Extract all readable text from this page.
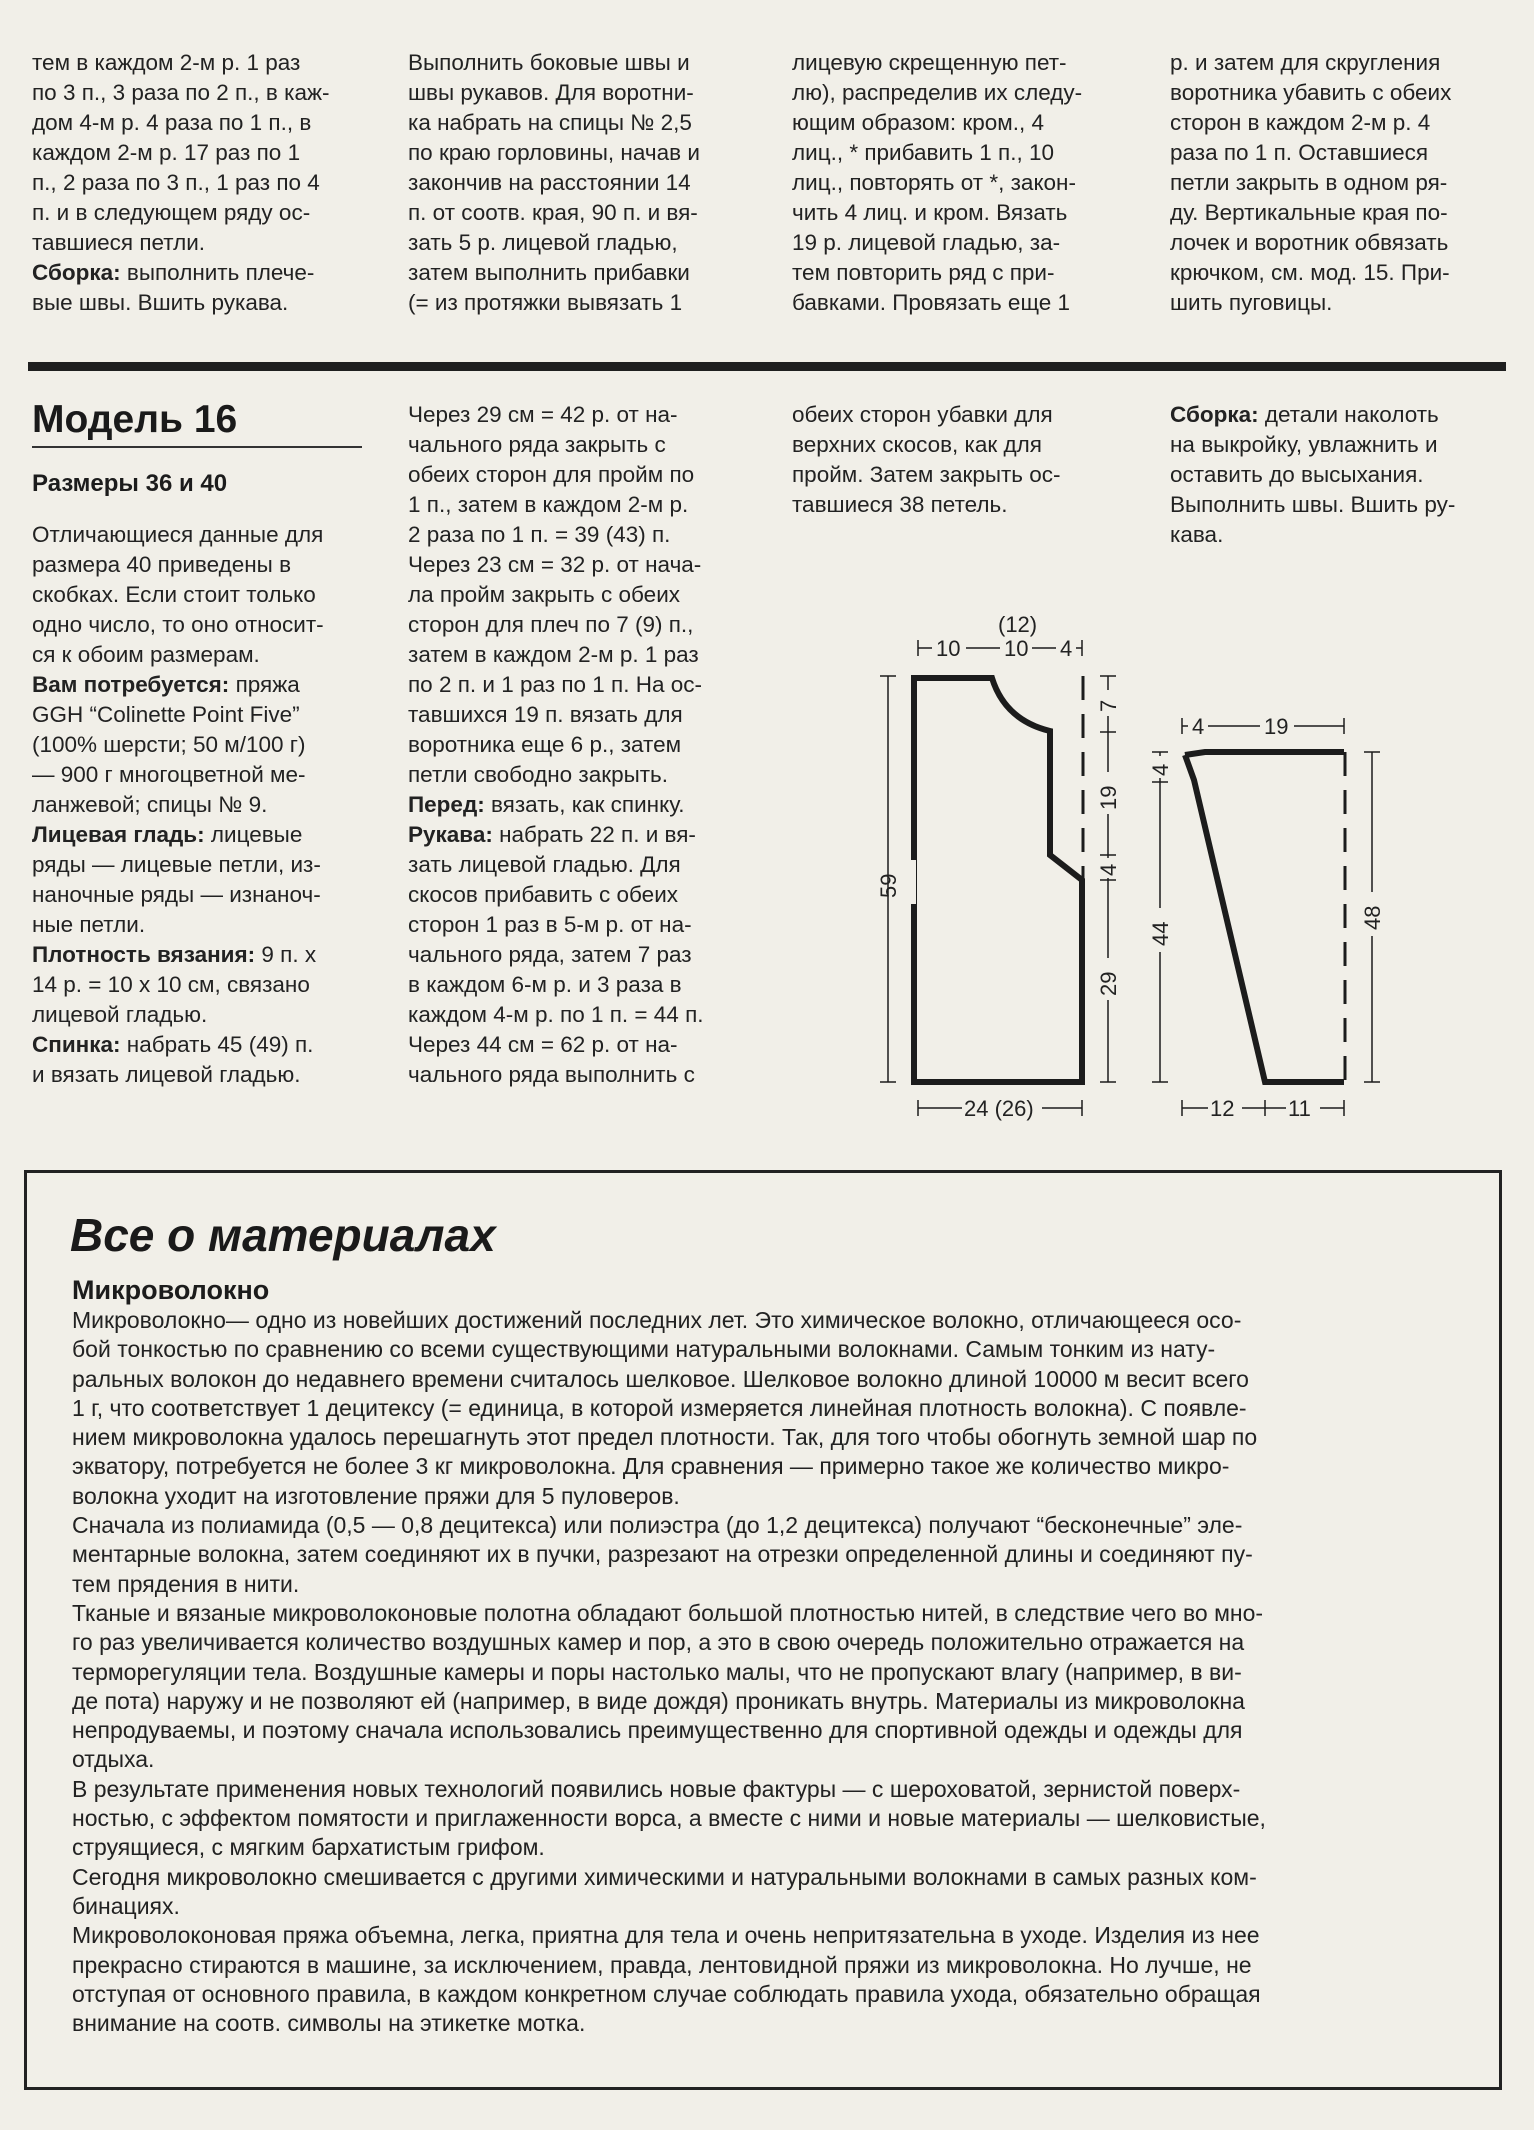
тем в каждом 2-м р. 1 раз
по 3 п., 3 раза по 2 п., в каж-
дом 4-м р. 4 раза по 1 п., в
каждом 2-м р. 17 раз по 1
п., 2 раза по 3 п., 1 раз по 4
п. и в следующем ряду ос-
тавшиеся петли.
Сборка: выполнить плече-
вые швы. Вшить рукава.
Выполнить боковые швы и
швы рукавов. Для воротни-
ка набрать на спицы № 2,5
по краю горловины, начав и
закончив на расстоянии 14
п. от соотв. края, 90 п. и вя-
зать 5 р. лицевой гладью,
затем выполнить прибавки
(= из протяжки вывязать 1
лицевую скрещенную пет-
лю), распределив их следу-
ющим образом: кром., 4
лиц., * прибавить 1 п., 10
лиц., повторять от *, закон-
чить 4 лиц. и кром. Вязать
19 р. лицевой гладью, за-
тем повторить ряд с при-
бавками. Провязать еще 1
р. и затем для скругления
воротника убавить с обеих
сторон в каждом 2-м р. 4
раза по 1 п. Оставшиеся
петли закрыть в одном ря-
ду. Вертикальные края по-
лочек и воротник обвязать
крючком, см. мод. 15. При-
шить пуговицы.
Модель 16
Размеры 36 и 40
Отличающиеся данные для
размера 40 приведены в
скобках. Если стоит только
одно число, то оно относит-
ся к обоим размерам.
Вам потребуется: пряжа
GGH “Colinette Point Five”
(100% шерсти; 50 м/100 г)
— 900 г многоцветной ме-
ланжевой; спицы № 9.
Лицевая гладь: лицевые
ряды — лицевые петли, из-
наночные ряды — изнаноч-
ные петли.
Плотность вязания: 9 п. х
14 р. = 10 х 10 см, связано
лицевой гладью.
Спинка: набрать 45 (49) п.
и вязать лицевой гладью.
Через 29 см = 42 р. от на-
чального ряда закрыть с
обеих сторон для пройм по
1 п., затем в каждом 2-м р.
2 раза по 1 п. = 39 (43) п.
Через 23 см = 32 р. от нача-
ла пройм закрыть с обеих
сторон для плеч по 7 (9) п.,
затем в каждом 2-м р. 1 раз
по 2 п. и 1 раз по 1 п. На ос-
тавшихся 19 п. вязать для
воротника еще 6 р., затем
петли свободно закрыть.
Перед: вязать, как спинку.
Рукава: набрать 22 п. и вя-
зать лицевой гладью. Для
скосов прибавить с обеих
сторон 1 раз в 5-м р. от на-
чального ряда, затем 7 раз
в каждом 6-м р. и 3 раза в
каждом 4-м р. по 1 п. = 44 п.
Через 44 см = 62 р. от на-
чального ряда выполнить с
обеих сторон убавки для
верхних скосов, как для
пройм. Затем закрыть ос-
тавшиеся 38 петель.
Сборка: детали наколоть
на выкройку, увлажнить и
оставить до высыхания.
Выполнить швы. Вшить ру-
кава.
10 10 4
(12)
59
7
19
4
29
24 (26)
4	19
4
44
48
12 11
Все о материалах
Микроволокно
Микроволокно— одно из новейших достижений последних лет. Это химическое волокно, отличающееся осо-
бой тонкостью по сравнению со всеми существующими натуральными волокнами. Самым тонким из нату-
ральных волокон до недавнего времени считалось шелковое. Шелковое волокно длиной 10000 м весит всего
1 г, что соответствует 1 децитексу (= единица, в которой измеряется линейная плотность волокна). С появле-
нием микроволокна удалось перешагнуть этот предел плотности. Так, для того чтобы обогнуть земной шар по
экватору, потребуется не более 3 кг микроволокна. Для сравнения — примерно такое же количество микро-
волокна уходит на изготовление пряжи для 5 пуловеров.
Сначала из полиамида (0,5 — 0,8 децитекса) или полиэстра (до 1,2 децитекса) получают “бесконечные” эле-
ментарные волокна, затем соединяют их в пучки, разрезают на отрезки определенной длины и соединяют пу-
тем прядения в нити.
Тканые и вязаные микроволоконовые полотна обладают большой плотностью нитей, в следствие чего во мно-
го раз увеличивается количество воздушных камер и пор, а это в свою очередь положительно отражается на
терморегуляции тела. Воздушные камеры и поры настолько малы, что не пропускают влагу (например, в ви-
де пота) наружу и не позволяют ей (например, в виде дождя) проникать внутрь. Материалы из микроволокна
непродуваемы, и поэтому сначала использовались преимущественно для спортивной одежды и одежды для
отдыха.
В результате применения новых технологий появились новые фактуры — с шероховатой, зернистой поверх-
ностью, с эффектом помятости и приглаженности ворса, а вместе с ними и новые материалы — шелковистые,
струящиеся, с мягким бархатистым грифом.
Сегодня микроволокно смешивается с другими химическими и натуральными волокнами в самых разных ком-
бинациях.
Микроволоконовая пряжа объемна, легка, приятна для тела и очень непритязательна в уходе. Изделия из нее
прекрасно стираются в машине, за исключением, правда, лентовидной пряжи из микроволокна. Но лучше, не
отступая от основного правила, в каждом конкретном случае соблюдать правила ухода, обязательно обращая
внимание на соотв. символы на этикетке мотка.
